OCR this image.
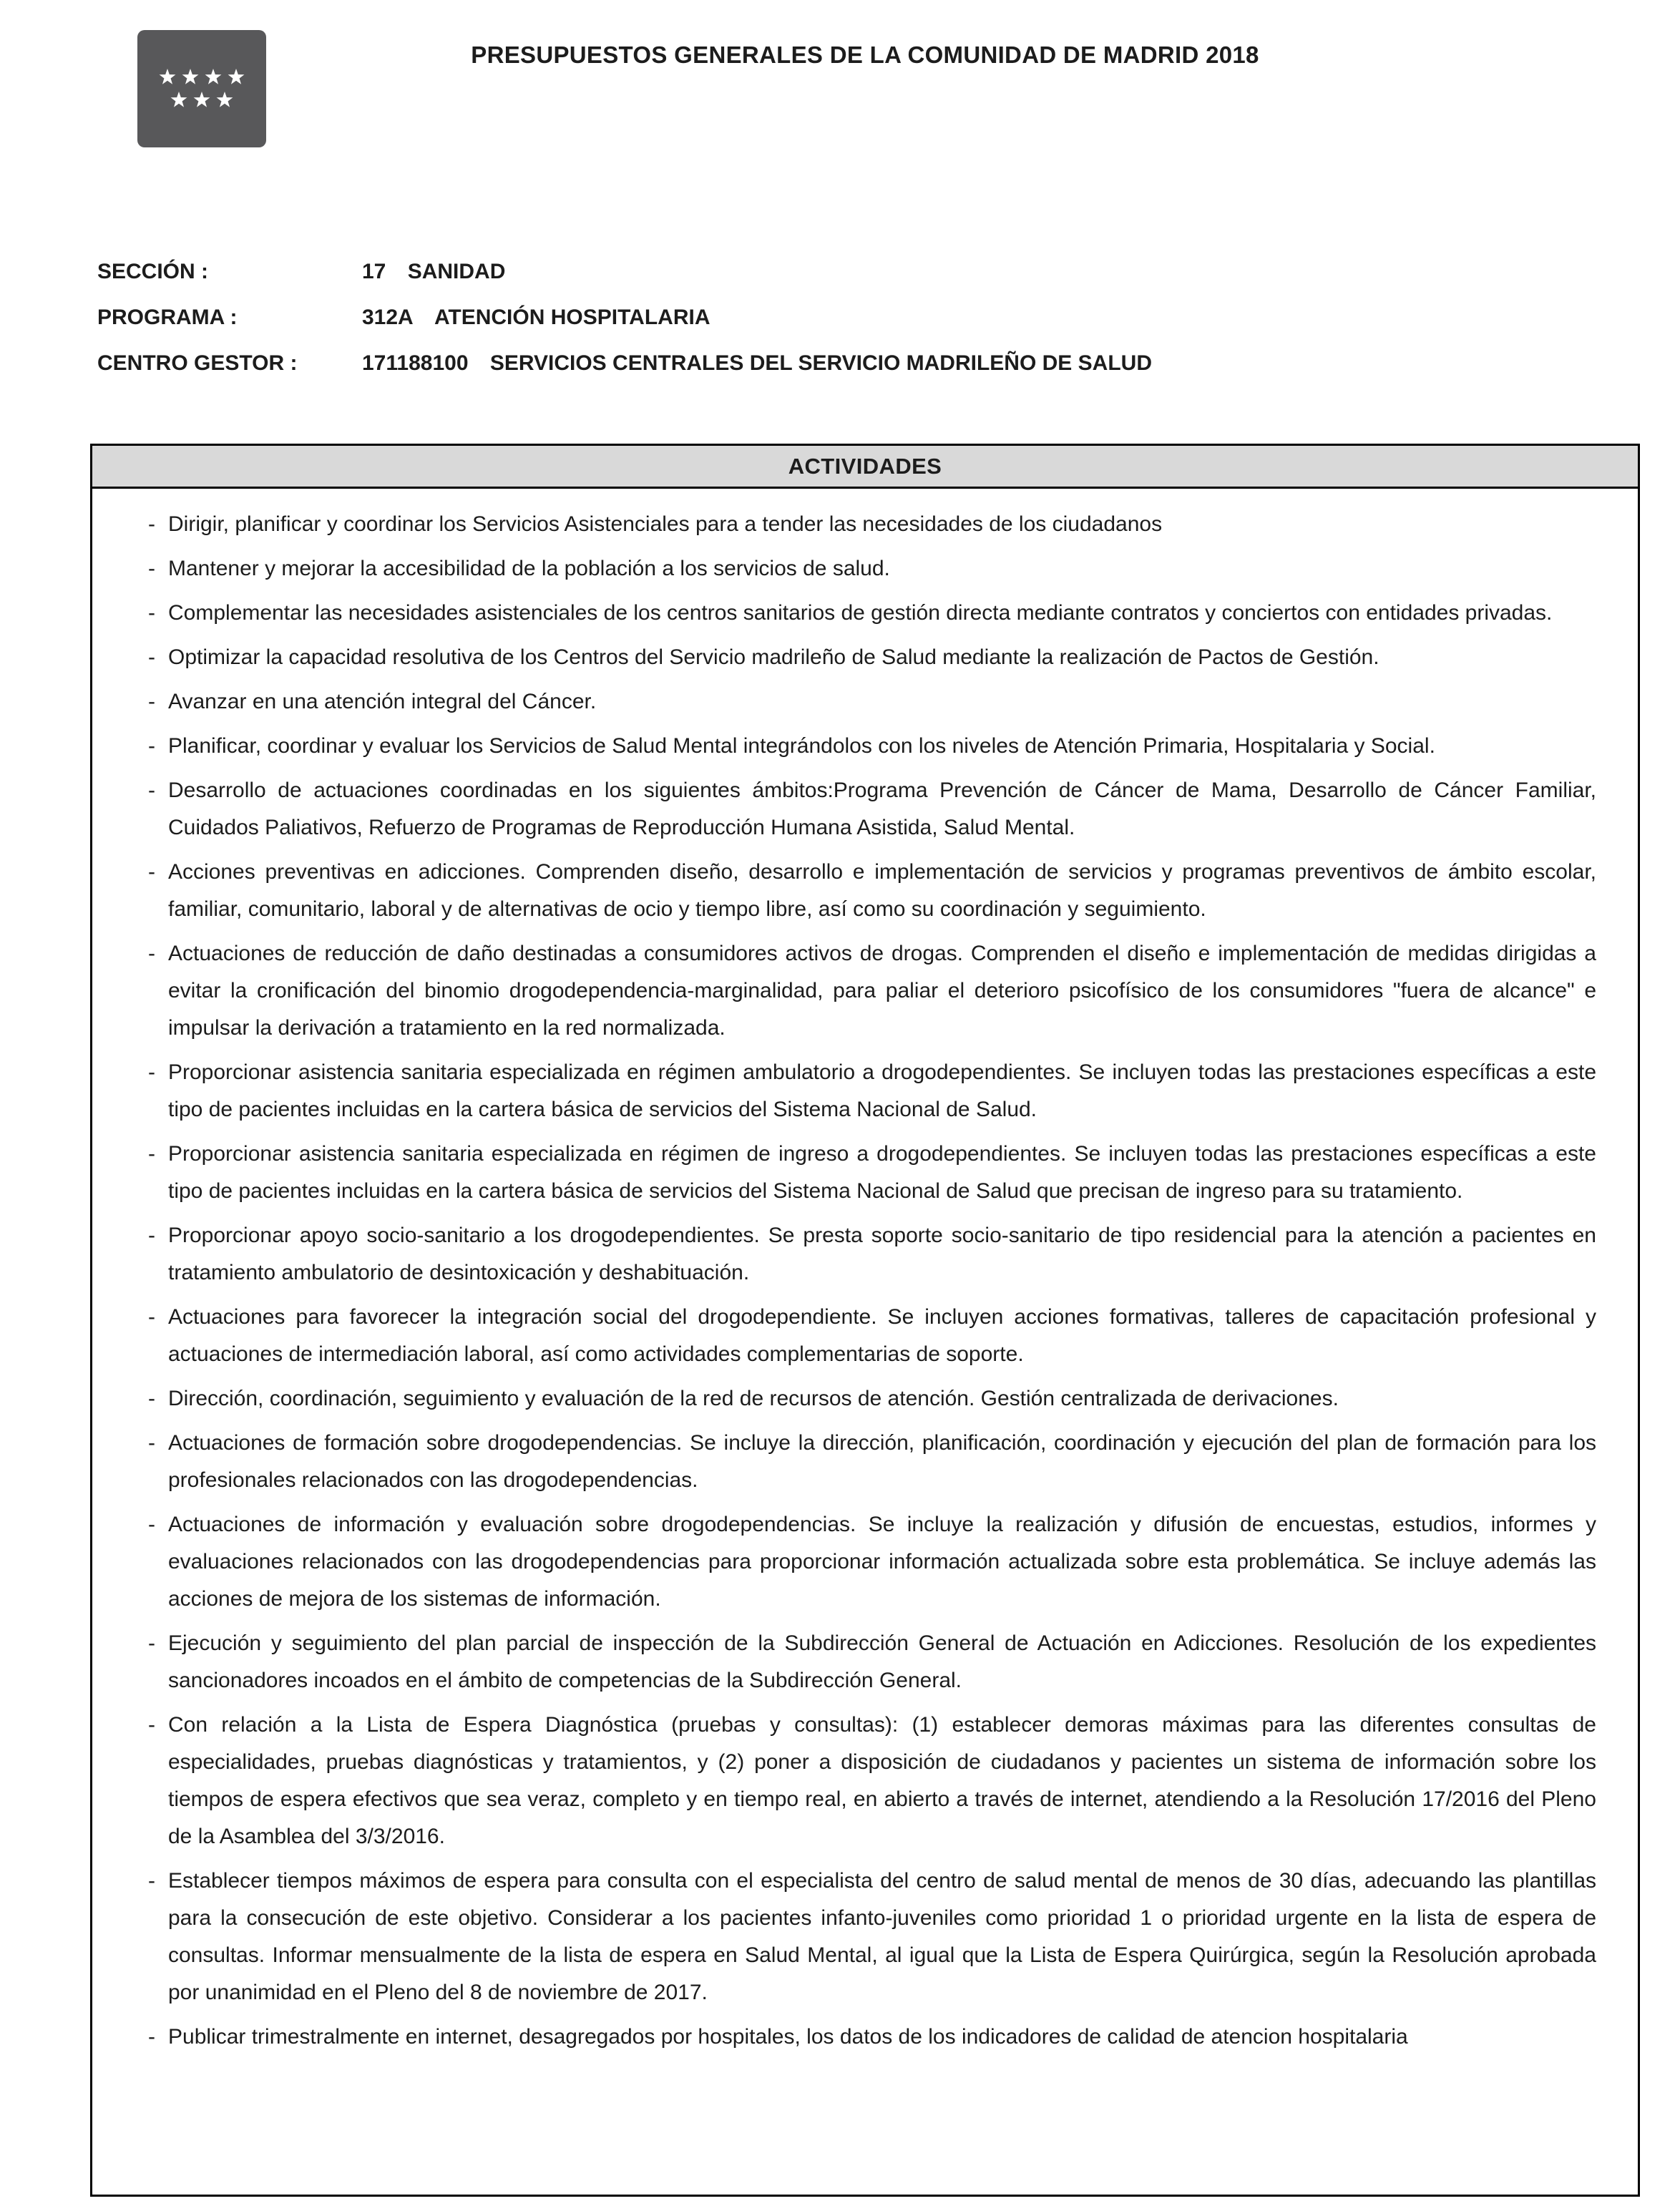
PRESUPUESTOS GENERALES DE LA COMUNIDAD DE MADRID 2018
SECCIÓN :	17 SANIDAD
PROGRAMA :	312A ATENCIÓN HOSPITALARIA
CENTRO GESTOR :	171188100 SERVICIOS CENTRALES DEL SERVICIO MADRILEÑO DE SALUD
ACTIVIDADES
- Dirigir, planificar y coordinar los Servicios Asistenciales para a tender las necesidades de los ciudadanos
- Mantener y mejorar la accesibilidad de la población a los servicios de salud.
- Complementar las necesidades asistenciales de los centros sanitarios de gestión directa mediante contratos y conciertos con entidades privadas.
- Optimizar la capacidad resolutiva de los Centros del Servicio madrileño de Salud mediante la realización de Pactos de Gestión.
- Avanzar en una atención integral del Cáncer.
- Planificar, coordinar y evaluar los Servicios de Salud Mental integrándolos con los niveles de Atención Primaria, Hospitalaria y Social.
- Desarrollo de actuaciones coordinadas en los siguientes ámbitos:Programa Prevención de Cáncer de Mama, Desarrollo de Cáncer Familiar, Cuidados Paliativos, Refuerzo de Programas de Reproducción Humana Asistida, Salud Mental.
- Acciones preventivas en adicciones. Comprenden diseño, desarrollo e implementación de servicios y programas preventivos de ámbito escolar, familiar, comunitario, laboral y de alternativas de ocio y tiempo libre, así como su coordinación y seguimiento.
- Actuaciones de reducción de daño destinadas a consumidores activos de drogas. Comprenden el diseño e implementación de medidas dirigidas a evitar la cronificación del binomio drogodependencia-marginalidad, para paliar el deterioro psicofísico de los consumidores "fuera de alcance" e impulsar la derivación a tratamiento en la red normalizada.
- Proporcionar asistencia sanitaria especializada en régimen ambulatorio a drogodependientes. Se incluyen todas las prestaciones específicas a este tipo de pacientes incluidas en la cartera básica de servicios del Sistema Nacional de Salud.
- Proporcionar asistencia sanitaria especializada en régimen de ingreso a drogodependientes. Se incluyen todas las prestaciones específicas a este tipo de pacientes incluidas en la cartera básica de servicios del Sistema Nacional de Salud que precisan de ingreso para su tratamiento.
- Proporcionar apoyo socio-sanitario a los drogodependientes. Se presta soporte socio-sanitario de tipo residencial para la atención a pacientes en tratamiento ambulatorio de desintoxicación y deshabituación.
- Actuaciones para favorecer la integración social del drogodependiente. Se incluyen acciones formativas, talleres de capacitación profesional y actuaciones de intermediación laboral, así como actividades complementarias de soporte.
- Dirección, coordinación, seguimiento y evaluación de la red de recursos de atención. Gestión centralizada de derivaciones.
- Actuaciones de formación sobre drogodependencias. Se incluye la dirección, planificación, coordinación y ejecución del plan de formación para los profesionales relacionados con las drogodependencias.
- Actuaciones de información y evaluación sobre drogodependencias. Se incluye la realización y difusión de encuestas, estudios, informes y evaluaciones relacionados con las drogodependencias para proporcionar información actualizada sobre esta problemática. Se incluye además las acciones de mejora de los sistemas de información.
- Ejecución y seguimiento del plan parcial de inspección de la Subdirección General de Actuación en Adicciones. Resolución de los expedientes sancionadores incoados en el ámbito de competencias de la Subdirección General.
- Con relación a la Lista de Espera Diagnóstica (pruebas y consultas): (1) establecer demoras máximas para las diferentes consultas de especialidades, pruebas diagnósticas y tratamientos, y (2) poner a disposición de ciudadanos y pacientes un sistema de información sobre los tiempos de espera efectivos que sea veraz, completo y en tiempo real, en abierto a través de internet, atendiendo a la Resolución 17/2016 del Pleno de la Asamblea del 3/3/2016.
- Establecer tiempos máximos de espera para consulta con el especialista del centro de salud mental de menos de 30 días, adecuando las plantillas para la consecución de este objetivo. Considerar a los pacientes infanto-juveniles como prioridad 1 o prioridad urgente en la lista de espera de consultas. Informar mensualmente de la lista de espera en Salud Mental, al igual que la Lista de Espera Quirúrgica, según la Resolución aprobada por unanimidad en el Pleno del 8 de noviembre de 2017.
- Publicar trimestralmente en internet, desagregados por hospitales, los datos de los indicadores de calidad de atencion hospitalaria
